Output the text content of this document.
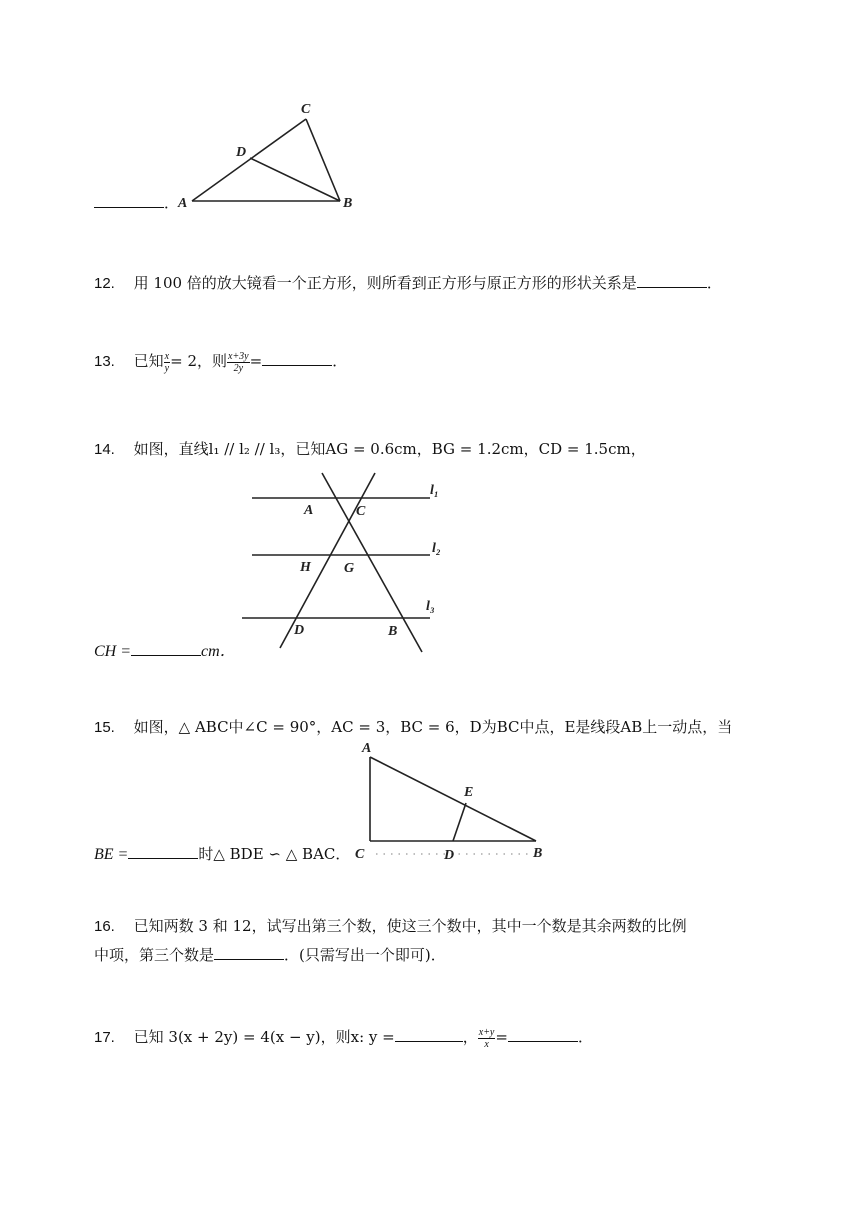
C
D
A	B
．
12. 用 100 倍的放大镜看一个正方形，则所看到正方形与原正方形的形状关系是	．
13. 已知 $\frac{x}{y} = 2$，则 $\frac{x+3y}{2y}$ =	．
14. 如图，直线l₁ // l₂ // l₃，已知AG = 0.6cm，BG = 1.2cm，CD = 1.5cm，
l₁
l₂
l₃
A	C
H G
D	B
CH =	cm．
15. 如图，△ ABC中∠C = 90°，AC = 3，BC = 6，D为BC中点，E是线段AB上一动点，当
A
E
C	D	B
BE =	时△ BDE ∽ △ BAC．
16. 已知两数 3 和 12，试写出第三个数，使这三个数中，其中一个数是其余两数的比例
中项，第三个数是	．(只需写出一个即可)．
17. 已知 3(x + 2y) = 4(x − y)，则x: y =	， $\frac{x+y}{x}$ =	．
